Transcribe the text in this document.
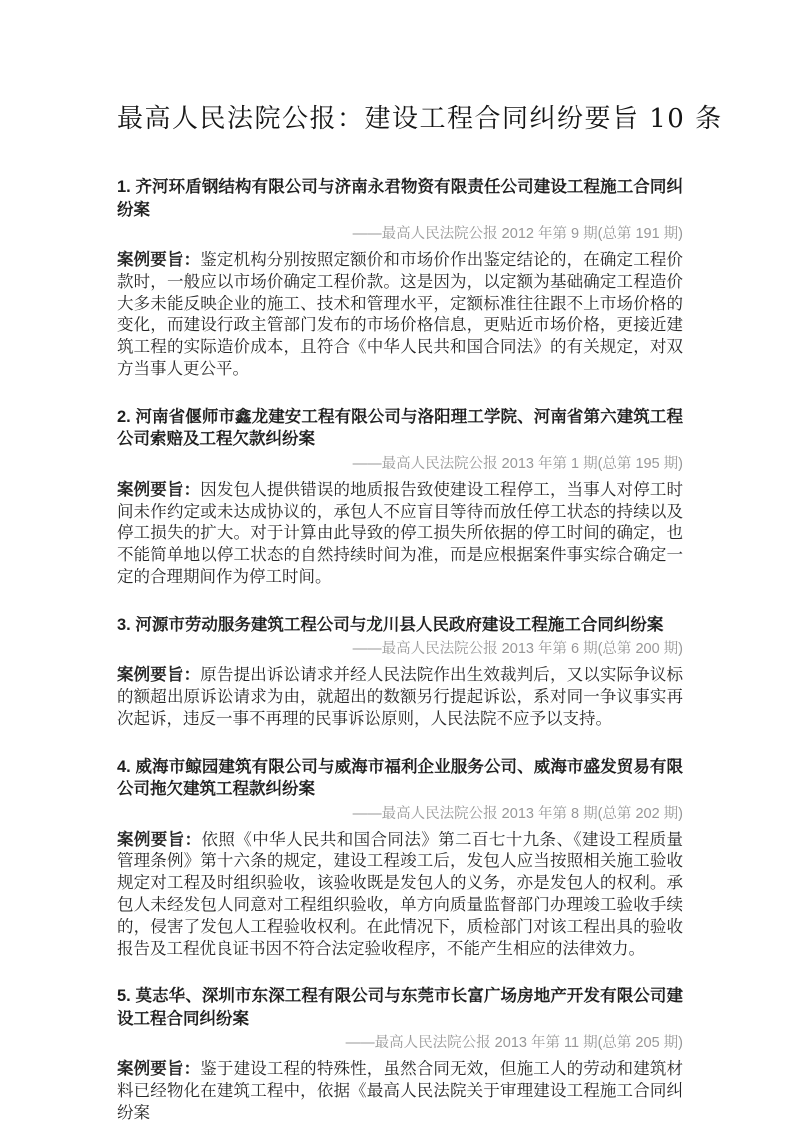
最高人民法院公报：建设工程合同纠纷要旨 10 条
1. 齐河环盾钢结构有限公司与济南永君物资有限责任公司建设工程施工合同纠纷案

——最高人民法院公报 2012 年第 9 期(总第 191 期)

案例要旨：鉴定机构分别按照定额价和市场价作出鉴定结论的，在确定工程价款时，一般应以市场价确定工程价款。这是因为，以定额为基础确定工程造价大多未能反映企业的施工、技术和管理水平，定额标准往往跟不上市场价格的变化，而建设行政主管部门发布的市场价格信息，更贴近市场价格，更接近建筑工程的实际造价成本，且符合《中华人民共和国合同法》的有关规定，对双方当事人更公平。

2. 河南省偃师市鑫龙建安工程有限公司与洛阳理工学院、河南省第六建筑工程公司索赔及工程欠款纠纷案

——最高人民法院公报 2013 年第 1 期(总第 195 期)

案例要旨：因发包人提供错误的地质报告致使建设工程停工，当事人对停工时间未作约定或未达成协议的，承包人不应盲目等待而放任停工状态的持续以及停工损失的扩大。对于计算由此导致的停工损失所依据的停工时间的确定，也不能简单地以停工状态的自然持续时间为准，而是应根据案件事实综合确定一定的合理期间作为停工时间。

3. 河源市劳动服务建筑工程公司与龙川县人民政府建设工程施工合同纠纷案

——最高人民法院公报 2013 年第 6 期(总第 200 期)

案例要旨：原告提出诉讼请求并经人民法院作出生效裁判后，又以实际争议标的额超出原诉讼请求为由，就超出的数额另行提起诉讼，系对同一争议事实再次起诉，违反一事不再理的民事诉讼原则，人民法院不应予以支持。

4. 威海市鲸园建筑有限公司与威海市福利企业服务公司、威海市盛发贸易有限公司拖欠建筑工程款纠纷案

——最高人民法院公报 2013 年第 8 期(总第 202 期)

案例要旨：依照《中华人民共和国合同法》第二百七十九条、《建设工程质量管理条例》第十六条的规定，建设工程竣工后，发包人应当按照相关施工验收规定对工程及时组织验收，该验收既是发包人的义务，亦是发包人的权利。承包人未经发包人同意对工程组织验收，单方向质量监督部门办理竣工验收手续的，侵害了发包人工程验收权利。在此情况下，质检部门对该工程出具的验收报告及工程优良证书因不符合法定验收程序，不能产生相应的法律效力。

5. 莫志华、深圳市东深工程有限公司与东莞市长富广场房地产开发有限公司建设工程合同纠纷案

——最高人民法院公报 2013 年第 11 期(总第 205 期)

案例要旨：鉴于建设工程的特殊性，虽然合同无效，但施工人的劳动和建筑材料已经物化在建筑工程中，依据《最高人民法院关于审理建设工程施工合同纠纷案
